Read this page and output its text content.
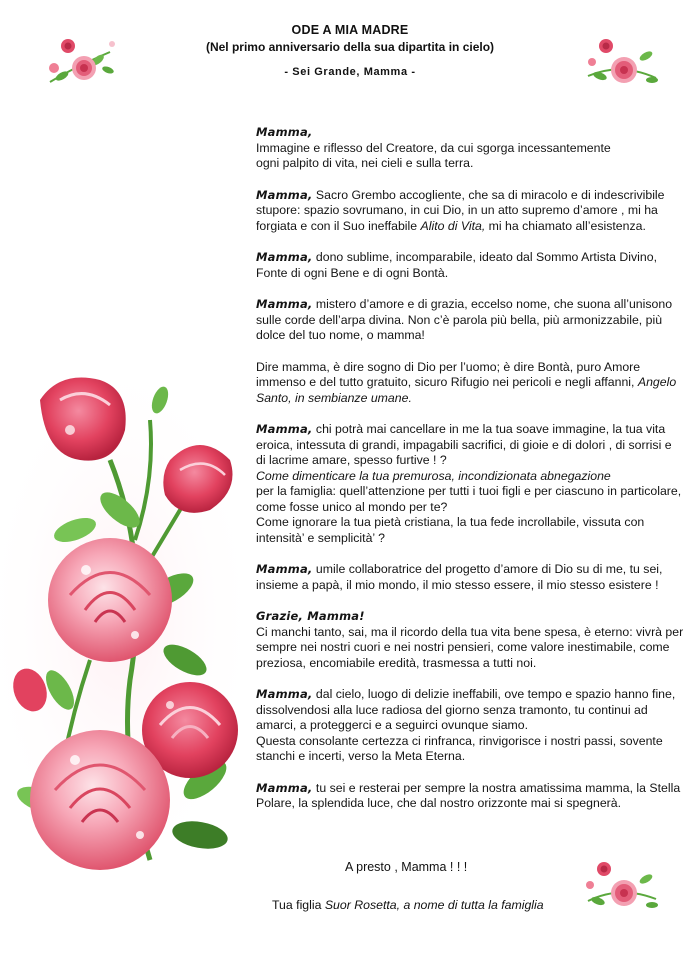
ODE A MIA MADRE
(Nel primo anniversario della sua dipartita in cielo)
- Sei Grande, Mamma -
Mamma,

Immagine e riflesso del Creatore, da cui sgorga incessantemente

ogni palpito di vita, nei cieli e sulla terra.

Mamma, Sacro Grembo accogliente, che sa di miracolo e di indescrivibile stupore: spazio sovrumano, in cui Dio, in un atto supremo d’amore , mi ha forgiata e con il Suo ineffabile Alito di Vita, mi ha chiamato all’esistenza.
Mamma, dono sublime, incomparabile, ideato dal Sommo Artista Divino, Fonte di ogni Bene e di ogni Bontà.
Mamma, mistero d’amore e di grazia, eccelso nome, che suona all’unisono sulle corde dell’arpa divina. Non c’è parola più bella, più armonizzabile, più dolce del tuo nome, o mamma!
Dire mamma, è dire sogno di Dio per l’uomo; è dire Bontà, puro Amore immenso e del tutto gratuito, sicuro Rifugio nei pericoli e negli affanni, Angelo Santo, in sembianze umane.
Mamma, chi potrà mai cancellare in me la tua soave immagine, la tua vita eroica, intessuta di grandi, impagabili sacrifici, di gioie e di dolori , di sorrisi e di lacrime amare, spesso furtive ! ?

Come dimenticare la tua premurosa, incondizionata abnegazione

per la famiglia: quell’attenzione per tutti i tuoi figli e per ciascuno in particolare, come fosse unico al mondo per te?

Come ignorare la tua pietà cristiana, la tua fede incrollabile, vissuta con intensità’ e semplicità’ ?

Mamma, umile collaboratrice del progetto d’amore di Dio su di me, tu sei, insieme a papà, il mio mondo, il mio stesso essere, il mio stesso esistere !
Grazie, Mamma!

Ci manchi tanto, sai, ma il ricordo della tua vita bene spesa, è eterno: vivrà per sempre nei nostri cuori e nei nostri pensieri, come valore inestimabile, come preziosa, encomiabile eredità, trasmessa a tutti noi.

Mamma, dal cielo, luogo di delizie ineffabili, ove tempo e spazio hanno fine, dissolvendosi alla luce radiosa del giorno senza tramonto, tu continui ad amarci, a proteggerci e a seguirci ovunque siamo.

Questa consolante certezza ci rinfranca, rinvigorisce i nostri passi, sovente stanchi e incerti, verso la Meta Eterna.

Mamma, tu sei e resterai per sempre la nostra amatissima mamma, la Stella Polare, la splendida luce, che dal nostro orizzonte mai si spegnerà.
A presto , Mamma ! ! !
Tua figlia Suor Rosetta, a nome di tutta la famiglia
